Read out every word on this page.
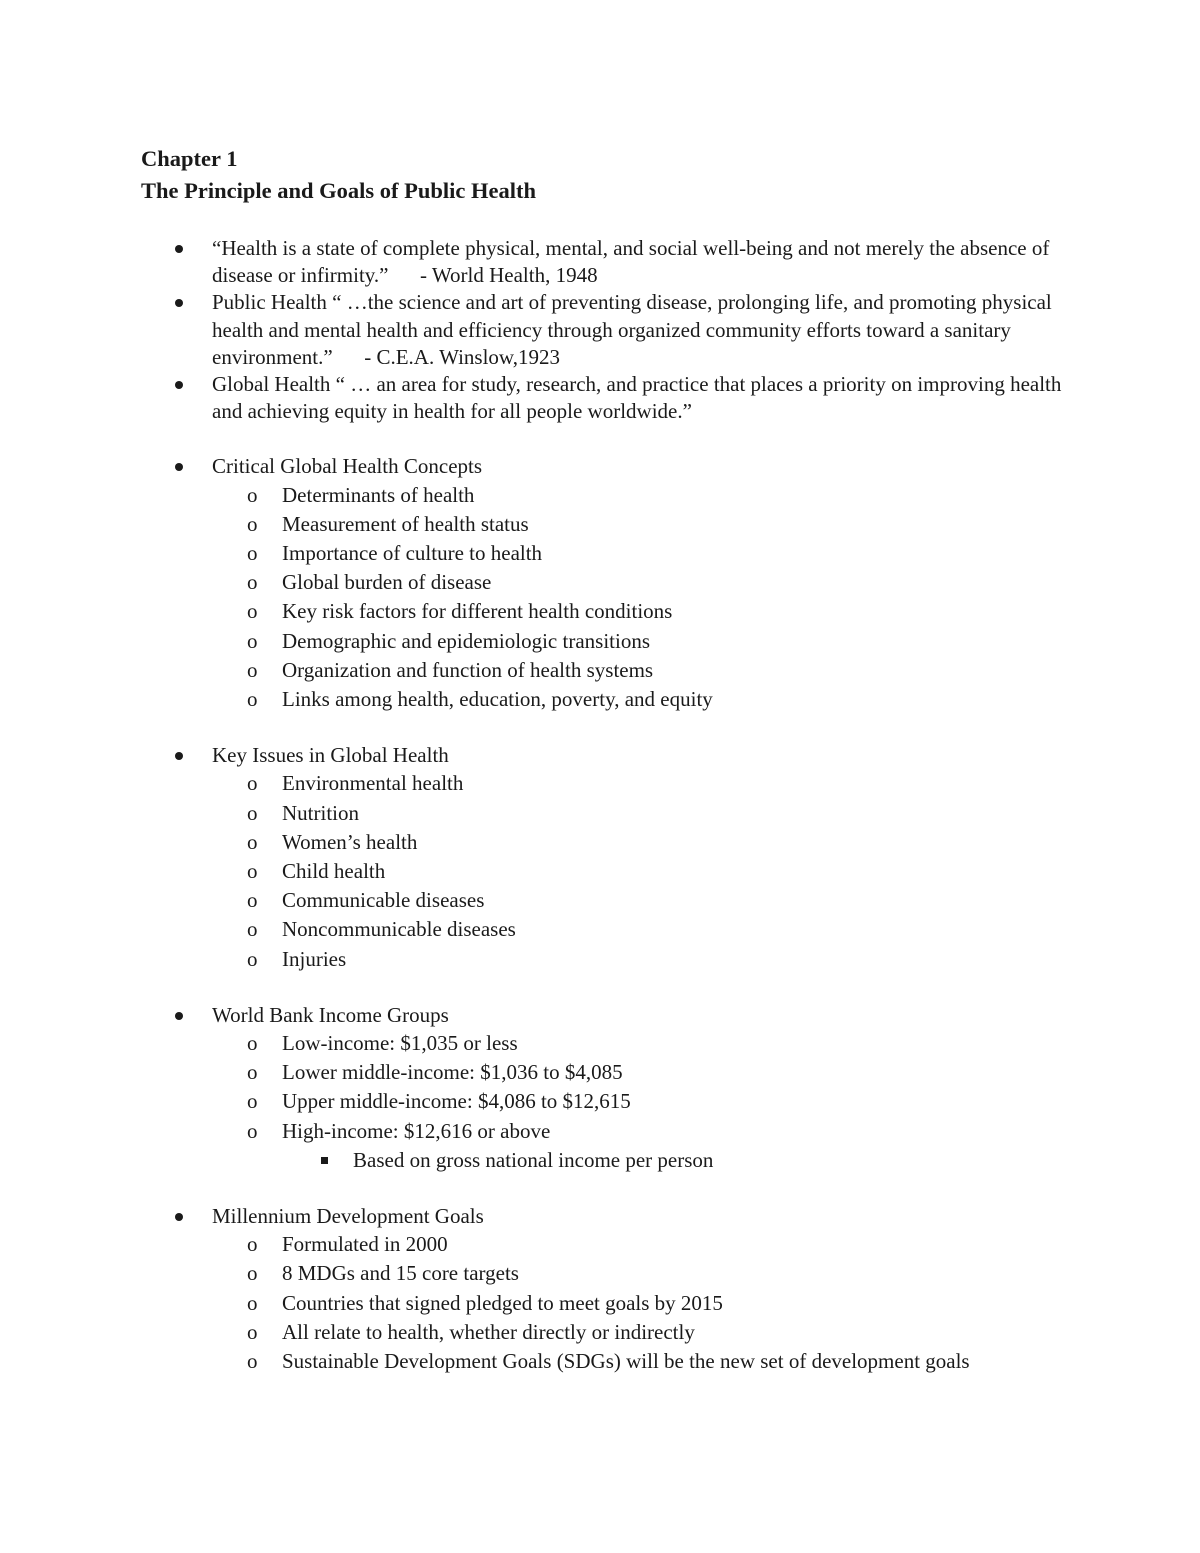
Chapter 1
The Principle and Goals of Public Health
“Health is a state of complete physical, mental, and social well-being and not merely the absence of disease or infirmity.” - World Health, 1948
Public Health “ …the science and art of preventing disease, prolonging life, and promoting physical health and mental health and efficiency through organized community efforts toward a sanitary environment.” - C.E.A. Winslow,1923
Global Health “ … an area for study, research, and practice that places a priority on improving health and achieving equity in health for all people worldwide.”
Critical Global Health Concepts
o	Determinants of health
o	Measurement of health status
o	Importance of culture to health
o	Global burden of disease
o	Key risk factors for different health conditions
o	Demographic and epidemiologic transitions
o	Organization and function of health systems
o	Links among health, education, poverty, and equity
Key Issues in Global Health
o	Environmental health
o	Nutrition
o	Women’s health
o	Child health
o	Communicable diseases
o	Noncommunicable diseases
o	Injuries
World Bank Income Groups
o	Low-income: $1,035 or less
o	Lower middle-income: $1,036 to $4,085
o	Upper middle-income: $4,086 to $12,615
o	High-income: $12,616 or above
Based on gross national income per person
Millennium Development Goals
o	Formulated in 2000
o	8 MDGs and 15 core targets
o	Countries that signed pledged to meet goals by 2015
o	All relate to health, whether directly or indirectly
o	Sustainable Development Goals (SDGs) will be the new set of development goals
